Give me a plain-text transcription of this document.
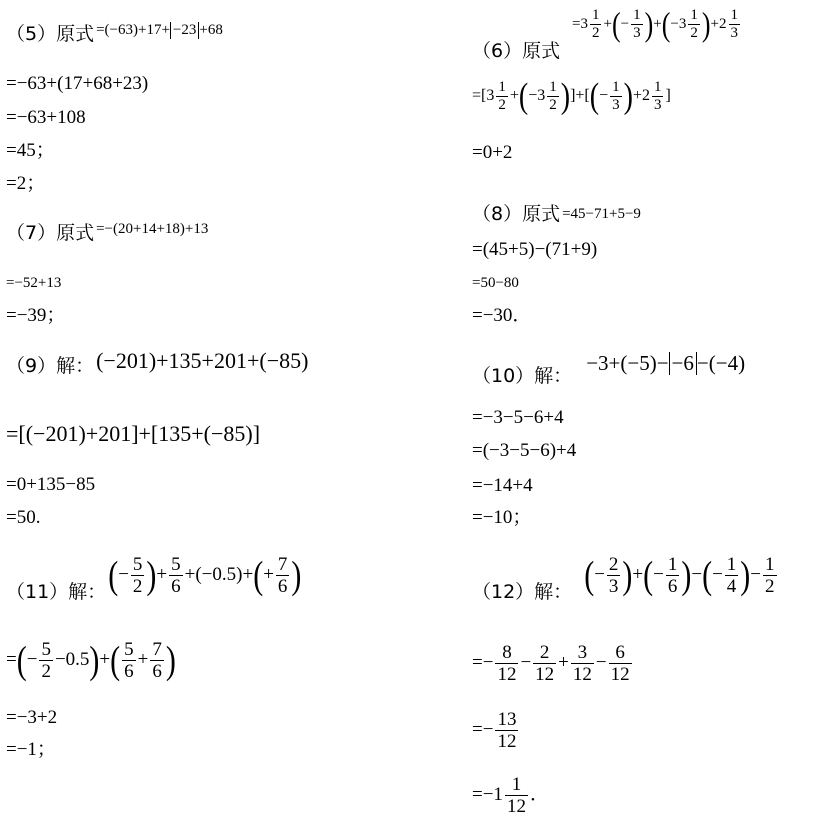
（5）原式 $^{=(-63)+17+}$ −23 $^{+68}$
=−63+(17+68+23)
=−63+108
=45；
=2；
（7）原式 $^{=-(20+14+18)+13}$
=−52+13
=−39；
（9）解：(−201)+135+201+(−85)
=[(−201)+201]+[135+(−85)]
=0+135−85
=50.
（11）解：(− $\frac{5}{2}$ )+ $\frac{5}{6} +(-0.5)+(+ \frac{7}{6}$ )
=(− $\frac{5}{2} -0.5)+( \frac{5}{6} + \frac{7}{6}$ )
=−3+2
=−1；
$=3 \frac{1}{2}$ +(− $\frac{1}{3} )+(-3 \frac{1}{2} )+2 \frac{1}{3}$
（6）原式
$=[3 \frac{1}{2} +(-3 \frac{1}{2}$ )]+[(− $\frac{1}{3} )+2 \frac{1}{3}$ ]
=0+2
（8）原式 =45−71+5−9
=(45+5)−(71+9)
=50−80
=−30．
（10）解：−3+(−5)− −6 −(−4)
=−3−5−6+4
=(−3−5−6)+4
=−14+4
=−10；
（12）解： (− $\frac{2}{3}$ )+(− $\frac{1}{6}$ )−(− $\frac{1}{4}$ )− $\frac{1}{2}$
=− $\frac{8}{12} - \frac{2}{12} + \frac{3}{12} - \frac{6}{12}$
=− $\frac{13}{12}$
$=-1 \frac{1}{12}$ ．
